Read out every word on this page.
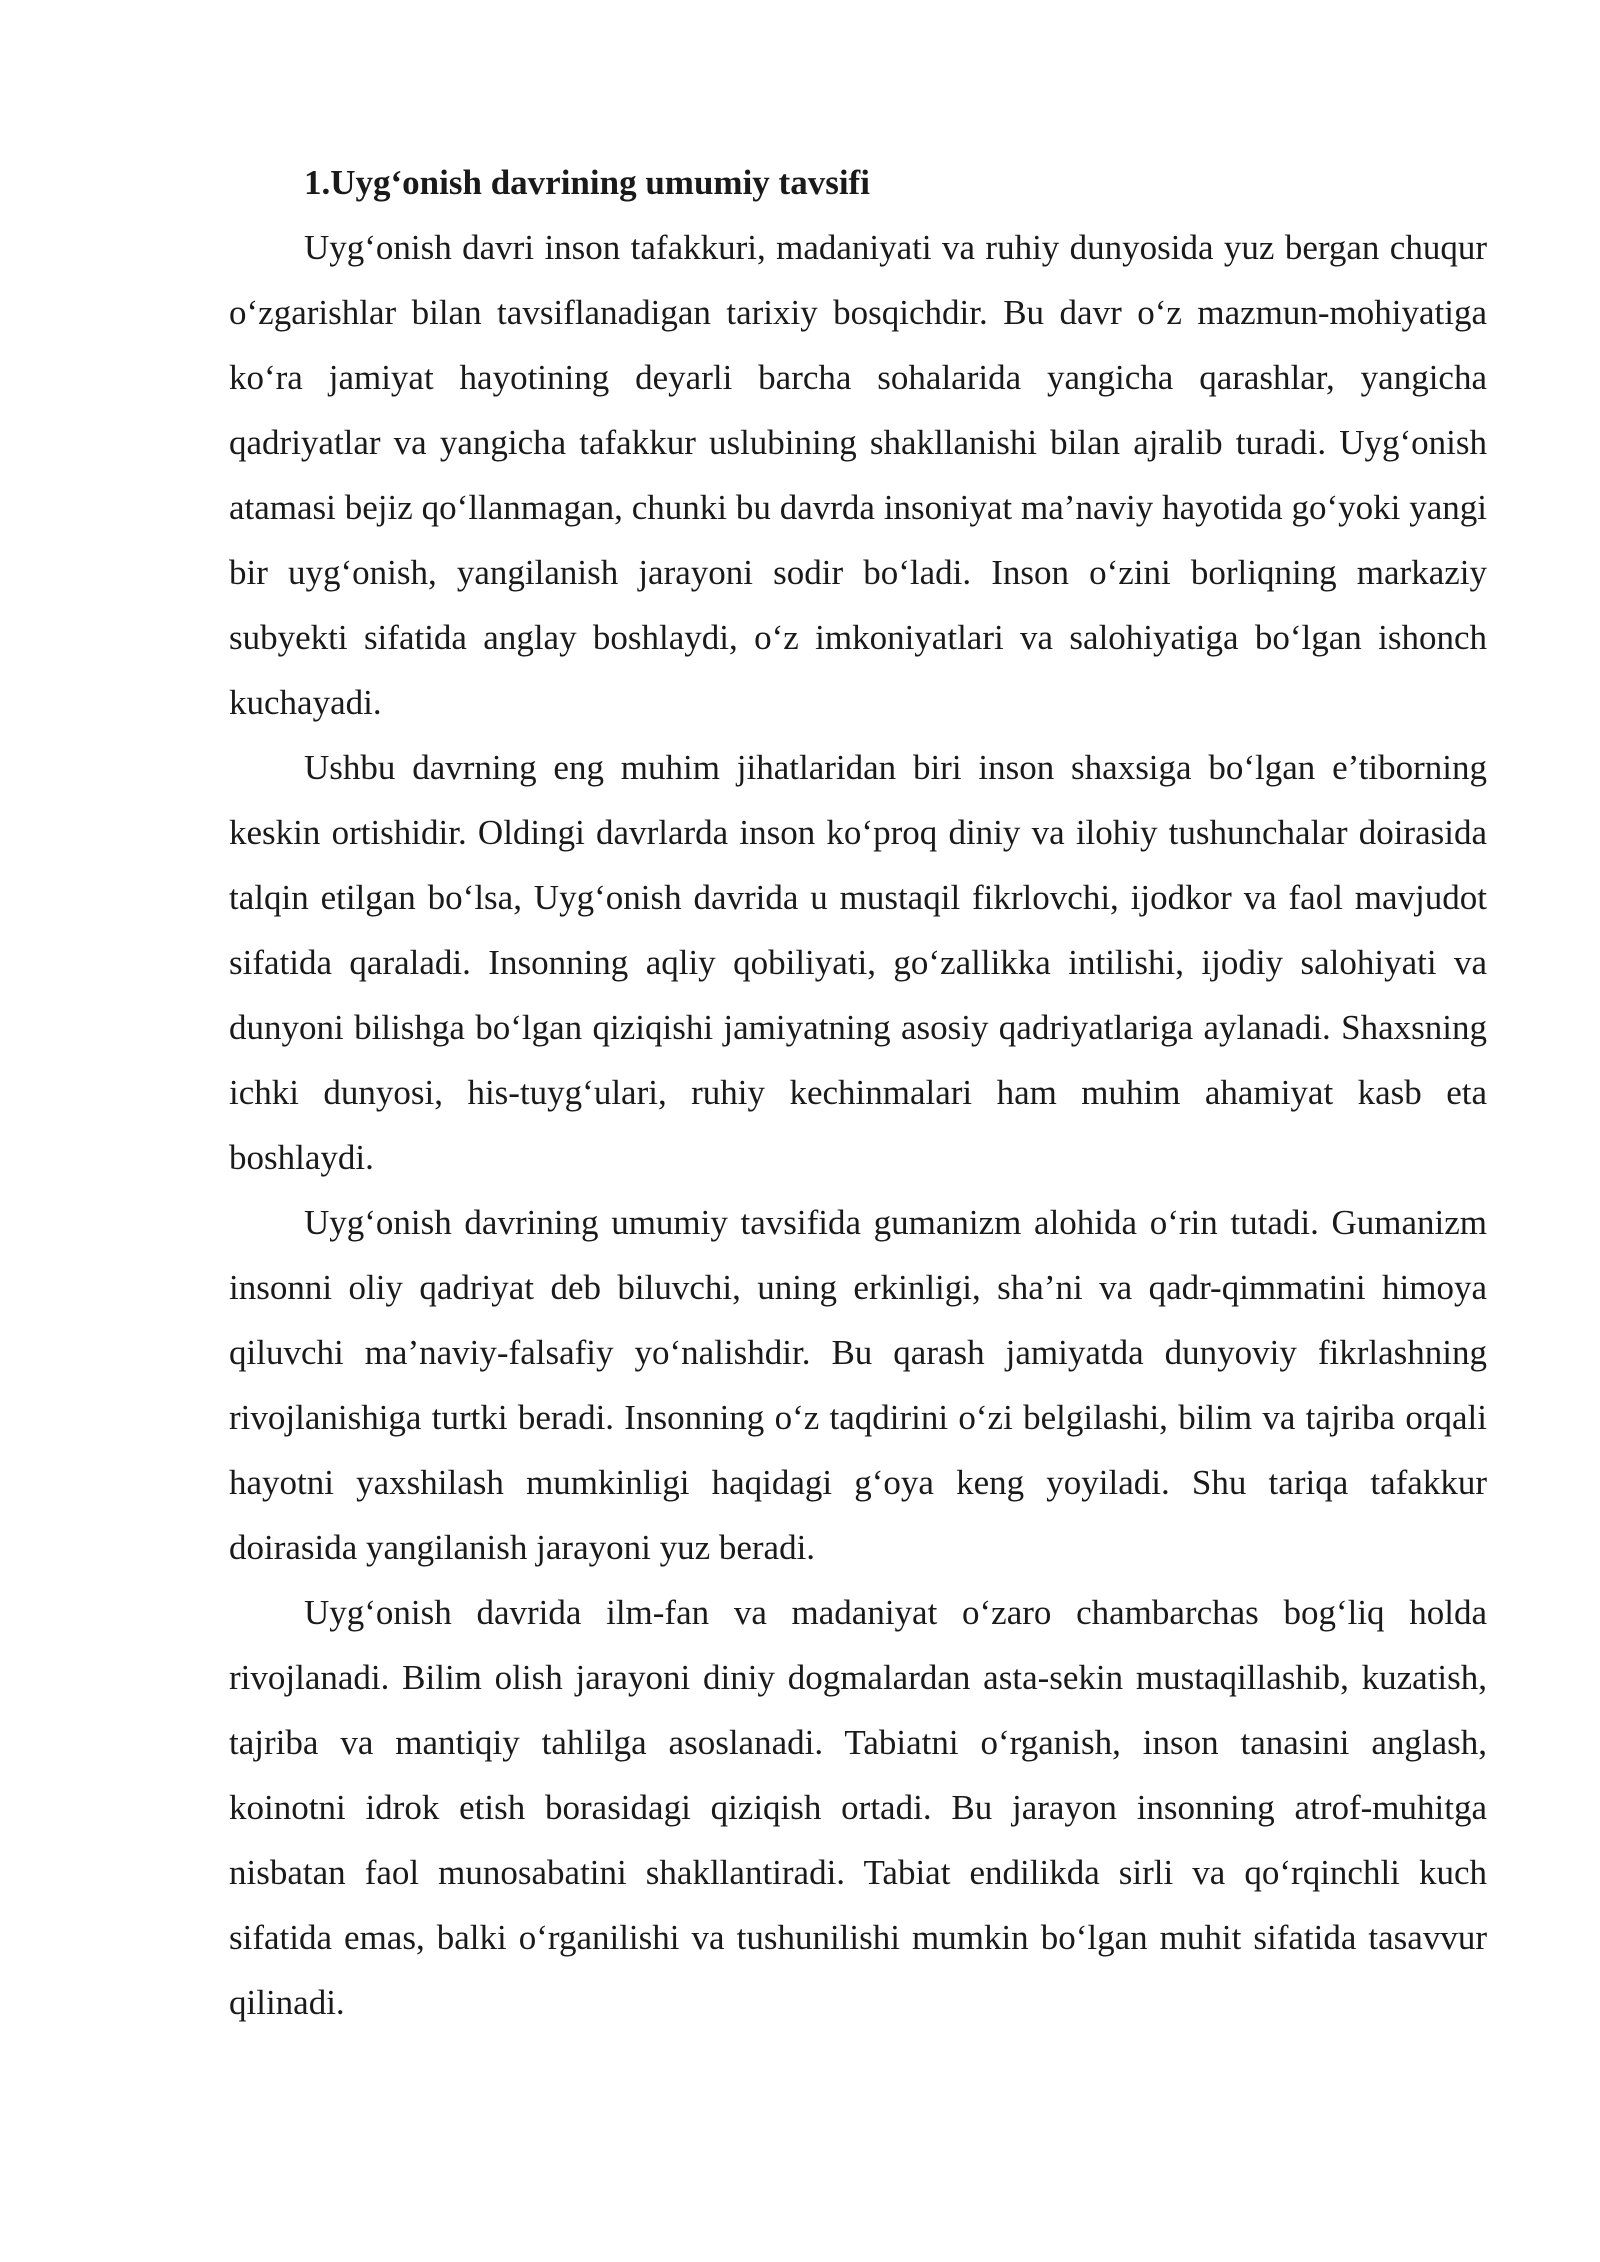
1.Uyg‘onish davrining umumiy tavsifi

Uyg‘onish davri inson tafakkuri, madaniyati va ruhiy dunyosida yuz bergan chuqur o‘zgarishlar bilan tavsiflanadigan tarixiy bosqichdir. Bu davr o‘z mazmun-mohiyatiga ko‘ra jamiyat hayotining deyarli barcha sohalarida yangicha qarashlar, yangicha qadriyatlar va yangicha tafakkur uslubining shakllanishi bilan ajralib turadi. Uyg‘onish atamasi bejiz qo‘llanmagan, chunki bu davrda insoniyat ma’naviy hayotida go‘yoki yangi bir uyg‘onish, yangilanish jarayoni sodir bo‘ladi. Inson o‘zini borliqning markaziy subyekti sifatida anglay boshlaydi, o‘z imkoniyatlari va salohiyatiga bo‘lgan ishonch kuchayadi.

Ushbu davrning eng muhim jihatlaridan biri inson shaxsiga bo‘lgan e’tiborning keskin ortishidir. Oldingi davrlarda inson ko‘proq diniy va ilohiy tushunchalar doirasida talqin etilgan bo‘lsa, Uyg‘onish davrida u mustaqil fikrlovchi, ijodkor va faol mavjudot sifatida qaraladi. Insonning aqliy qobiliyati, go‘zallikka intilishi, ijodiy salohiyati va dunyoni bilishga bo‘lgan qiziqishi jamiyatning asosiy qadriyatlariga aylanadi. Shaxsning ichki dunyosi, his-tuyg‘ulari, ruhiy kechinmalari ham muhim ahamiyat kasb eta boshlaydi.

Uyg‘onish davrining umumiy tavsifida gumanizm alohida o‘rin tutadi. Gumanizm insonni oliy qadriyat deb biluvchi, uning erkinligi, sha’ni va qadr-qimmatini himoya qiluvchi ma’naviy-falsafiy yo‘nalishdir. Bu qarash jamiyatda dunyoviy fikrlashning rivojlanishiga turtki beradi. Insonning o‘z taqdirini o‘zi belgilashi, bilim va tajriba orqali hayotni yaxshilash mumkinligi haqidagi g‘oya keng yoyiladi. Shu tariqa tafakkur doirasida yangilanish jarayoni yuz beradi.

Uyg‘onish davrida ilm-fan va madaniyat o‘zaro chambarchas bog‘liq holda rivojlanadi. Bilim olish jarayoni diniy dogmalardan asta-sekin mustaqillashib, kuzatish, tajriba va mantiqiy tahlilga asoslanadi. Tabiatni o‘rganish, inson tanasini anglash, koinotni idrok etish borasidagi qiziqish ortadi. Bu jarayon insonning atrof-muhitga nisbatan faol munosabatini shakllantiradi. Tabiat endilikda sirli va qo‘rqinchli kuch sifatida emas, balki o‘rganilishi va tushunilishi mumkin bo‘lgan muhit sifatida tasavvur qilinadi.
